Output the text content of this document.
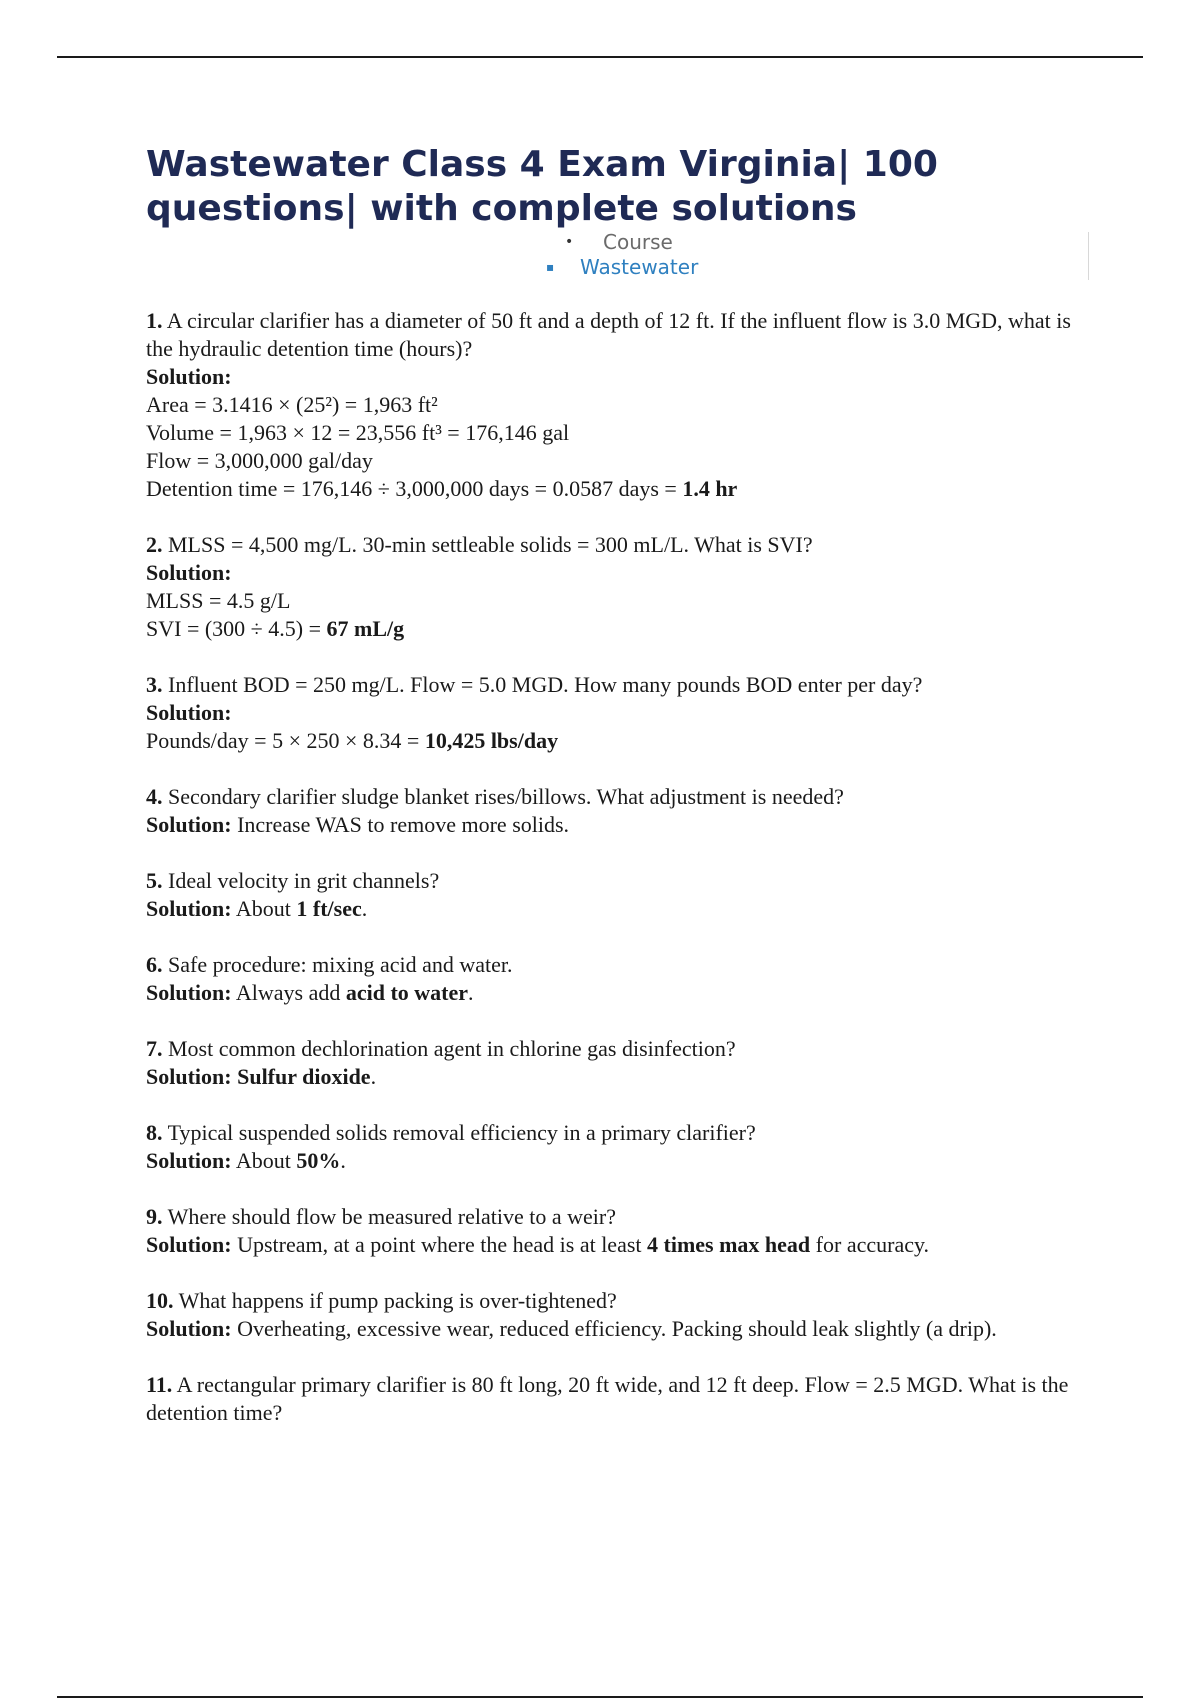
Wastewater Class 4 Exam Virginia| 100 questions| with complete solutions
• Course
▪ Wastewater

1. A circular clarifier has a diameter of 50 ft and a depth of 12 ft. If the influent flow is 3.0 MGD, what is the hydraulic detention time (hours)?

Solution:

Area = 3.1416 × (25²) = 1,963 ft²

Volume = 1,963 × 12 = 23,556 ft³ = 176,146 gal

Flow = 3,000,000 gal/day

Detention time = 176,146 ÷ 3,000,000 days = 0.0587 days = 1.4 hr

2. MLSS = 4,500 mg/L. 30-min settleable solids = 300 mL/L. What is SVI?

Solution:

MLSS = 4.5 g/L

SVI = (300 ÷ 4.5) = 67 mL/g

3. Influent BOD = 250 mg/L. Flow = 5.0 MGD. How many pounds BOD enter per day?

Solution:

Pounds/day = 5 × 250 × 8.34 = 10,425 lbs/day

4. Secondary clarifier sludge blanket rises/billows. What adjustment is needed?

Solution: Increase WAS to remove more solids.

5. Ideal velocity in grit channels?

Solution: About 1 ft/sec.

6. Safe procedure: mixing acid and water.

Solution: Always add acid to water.

7. Most common dechlorination agent in chlorine gas disinfection?

Solution: Sulfur dioxide.

8. Typical suspended solids removal efficiency in a primary clarifier?

Solution: About 50%.

9. Where should flow be measured relative to a weir?

Solution: Upstream, at a point where the head is at least 4 times max head for accuracy.

10. What happens if pump packing is over-tightened?

Solution: Overheating, excessive wear, reduced efficiency. Packing should leak slightly (a drip).

11. A rectangular primary clarifier is 80 ft long, 20 ft wide, and 12 ft deep. Flow = 2.5 MGD. What is the detention time?
